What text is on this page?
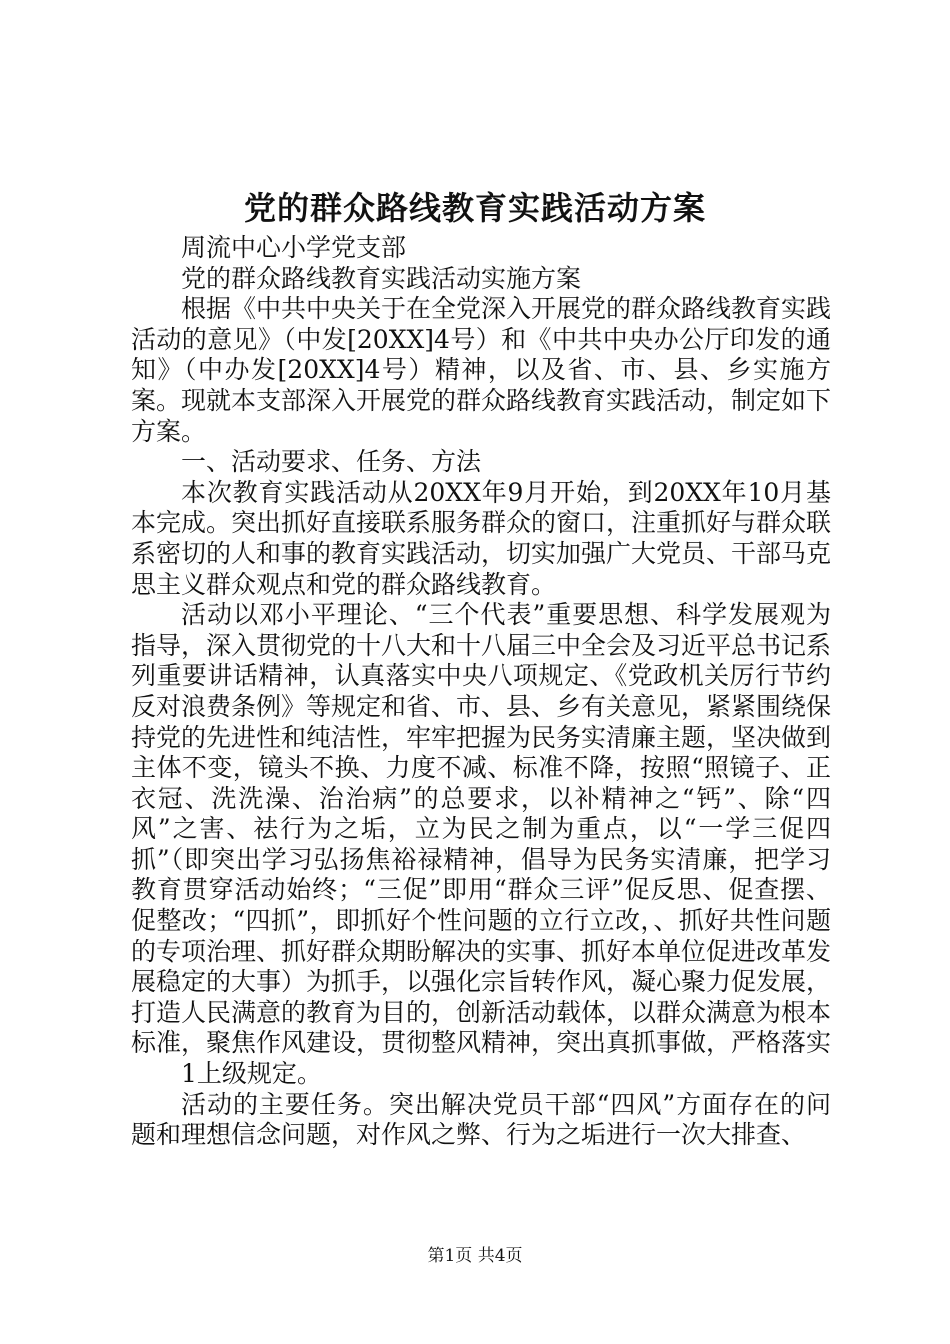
党的群众路线教育实践活动方案

周流中心小学党支部

党的群众路线教育实践活动实施方案

根据《中共中央关于在全党深入开展党的群众路线教育实践活动的意见》（中发[20XX]4号）和《中共中央办公厅印发的通知》（中办发[20XX]4号）精神，以及省、市、县、乡实施方案。现就本支部深入开展党的群众路线教育实践活动，制定如下方案。

一、活动要求、任务、方法

本次教育实践活动从20XX年9月开始，到20XX年10月基本完成。突出抓好直接联系服务群众的窗口，注重抓好与群众联系密切的人和事的教育实践活动，切实加强广大党员、干部马克思主义群众观点和党的群众路线教育。

活动以邓小平理论、“三个代表”重要思想、科学发展观为指导，深入贯彻党的十八大和十八届三中全会及习近平总书记系列重要讲话精神，认真落实中央八项规定、《党政机关厉行节约反对浪费条例》等规定和省、市、县、乡有关意见，紧紧围绕保持党的先进性和纯洁性，牢牢把握为民务实清廉主题，坚决做到主体不变，镜头不换、力度不减、标准不降，按照“照镜子、正衣冠、洗洗澡、治治病”的总要求，以补精神之“钙”、除“四风”之害、祛行为之垢，立为民之制为重点，以“一学三促四抓”（即突出学习弘扬焦裕禄精神，倡导为民务实清廉，把学习教育贯穿活动始终；“三促”即用“群众三评”促反思、促查摆、促整改；“四抓”，即抓好个性问题的立行立改，、抓好共性问题的专项治理、抓好群众期盼解决的实事、抓好本单位促进改革发展稳定的大事）为抓手，以强化宗旨转作风，凝心聚力促发展，打造人民满意的教育为目的，创新活动载体，以群众满意为根本标准，聚焦作风建设，贯彻整风精神，突出真抓事做，严格落实

1上级规定。

活动的主要任务。突出解决党员干部“四风”方面存在的问题和理想信念问题，对作风之弊、行为之垢进行一次大排查、

第1页 共4页
